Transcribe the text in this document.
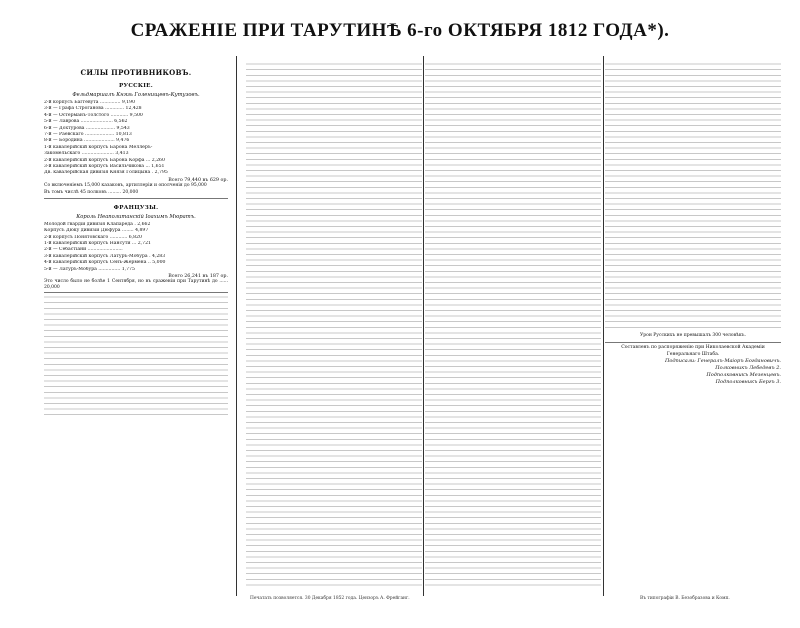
СРАЖЕНІЕ ПРИ ТАРУТИНѢ 6-го ОКТЯБРЯ 1812 ГОДА*).
СИЛЫ ПРОТИВНИКОВЪ.
РУССКІЕ.
Фельдмаршалъ Князь Голенищевъ-Кутузовъ.
2-й корпусъ Баггевута .............. 9,190
3-й — Графа Строганова ............. 12,428
4-й — Остерманъ-Толстого ............ 9,500
5-й — Лаврова ...................... 6,562
6-й — Дохтурова .................... 9,543
7-й — Раевскаго .................... 10,813
8-й — Бородина ..................... 9,476
1-й кавалерійскій корпусъ Барона Меллеръ-
Закомельскаго ...................... 3,413
2-й кавалерійскій корпусъ Барона Корфа ... 2,260
3-й кавалерійскій корпусъ Васильчикова ... 1,651
Дв. кавалерійская дивизія Князя Голицына . 2,795
Всего 79,440 въ 629 ор.
Со включеніемъ 15,000 казаковъ, артиллеріи и ополченія до 95,000
Въ томъ числѣ 45 полковъ ......... 20,000
ФРАНЦУЗЫ.
Король Неаполитанскій Іоахимъ Мюратъ.
Молодой гвардіи дивизія Клапареда . 2,662
Корпусъ Дюку дивизіи Дюфура ........ 4,897
2-й корпусъ Понятовскаго ............ 6,820
1-й кавалерійскій корпусъ Нансути ... 2,721
2-й — Себастіани ........................
3-й кавалерійскій корпусъ Латуръ-Мобура . 4,283
4-й кавалерійскій корпусъ Сенъ-Жермена .. 5,000
5-й — Латуръ-Мобура ............... 1,775
Всего 26,241 въ 187 ор.
Это число было не болѣе 1 Сентября, но въ сраженіи при Тарутинѣ до ...... 20,000
Урон Русскихъ не превышалъ 300 человѣкъ.
Составленъ по распоряженію при Николаевской Академіи Генеральнаго Штаба.
Подписали: Генералъ-Маіоръ Богдановичъ.
Полковникъ Лебедевъ 2.
Подполковникъ Мезенцевъ.
Подполковникъ Бергъ 3.
Печатать позволяется. 30 Декабря 1852 года. Цензоръ А. Фрейганг.	Въ типографіи В. Безобразова и Комп.
